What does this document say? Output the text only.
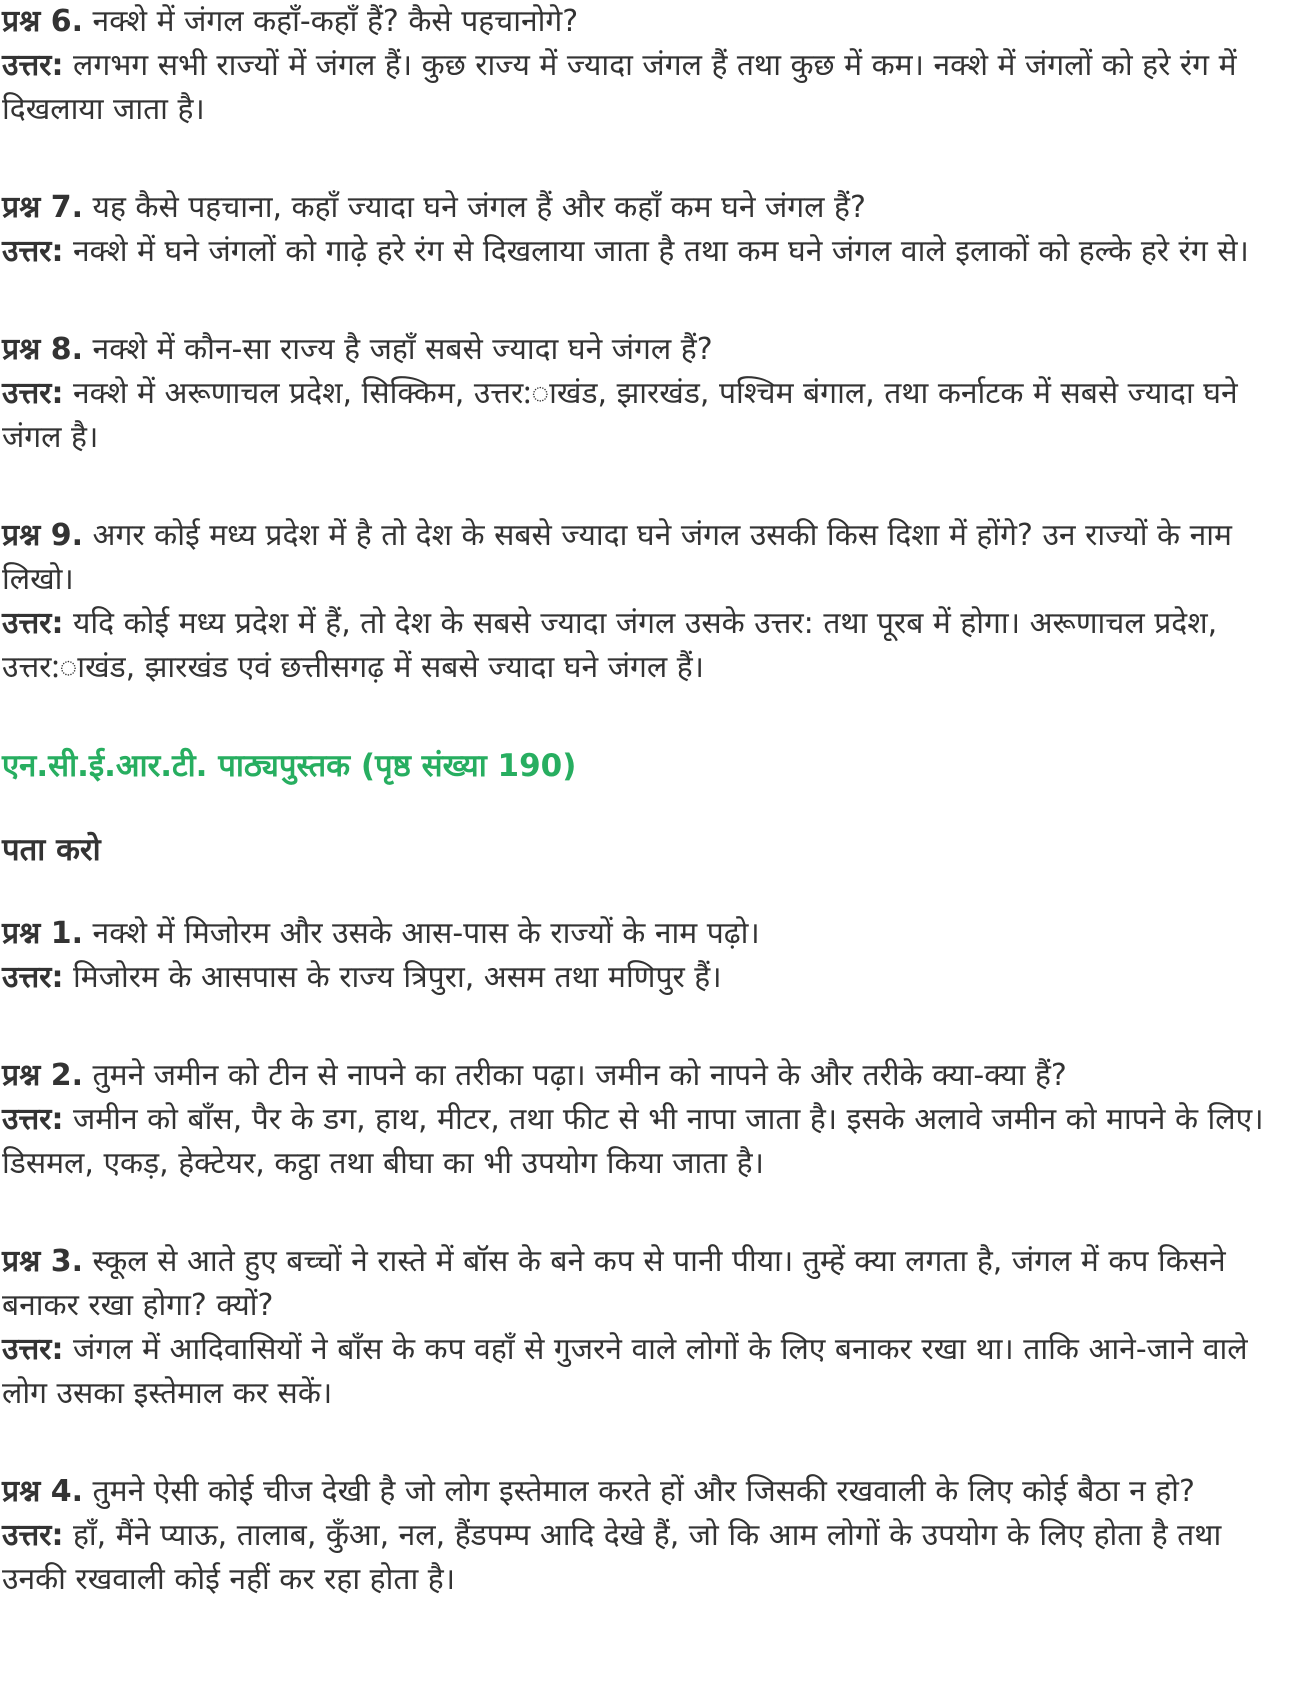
प्रश्न 6. नक्शे में जंगल कहाँ-कहाँ हैं? कैसे पहचानोगे?

उत्तर: लगभग सभी राज्यों में जंगल हैं। कुछ राज्य में ज्यादा जंगल हैं तथा कुछ में कम। नक्शे में जंगलों को हरे रंग में दिखलाया जाता है।

प्रश्न 7. यह कैसे पहचाना, कहाँ ज्यादा घने जंगल हैं और कहाँ कम घने जंगल हैं?

उत्तर: नक्शे में घने जंगलों को गाढ़े हरे रंग से दिखलाया जाता है तथा कम घने जंगल वाले इलाकों को हल्के हरे रंग से।

प्रश्न 8. नक्शे में कौन-सा राज्य है जहाँ सबसे ज्यादा घने जंगल हैं?

उत्तर: नक्शे में अरूणाचल प्रदेश, सिक्किम, उत्तर:ाखंड, झारखंड, पश्चिम बंगाल, तथा कर्नाटक में सबसे ज्यादा घने जंगल है।

प्रश्न 9. अगर कोई मध्य प्रदेश में है तो देश के सबसे ज्यादा घने जंगल उसकी किस दिशा में होंगे? उन राज्यों के नाम लिखो।

उत्तर: यदि कोई मध्य प्रदेश में हैं, तो देश के सबसे ज्यादा जंगल उसके उत्तर: तथा पूरब में होगा। अरूणाचल प्रदेश, उत्तर:ाखंड, झारखंड एवं छत्तीसगढ़ में सबसे ज्यादा घने जंगल हैं।

एन.सी.ई.आर.टी. पाठ्यपुस्तक (पृष्ठ संख्या 190)
पता करो

प्रश्न 1. नक्शे में मिजोरम और उसके आस-पास के राज्यों के नाम पढ़ो।

उत्तर: मिजोरम के आसपास के राज्य त्रिपुरा, असम तथा मणिपुर हैं।

प्रश्न 2. तुमने जमीन को टीन से नापने का तरीका पढ़ा। जमीन को नापने के और तरीके क्या-क्या हैं?

उत्तर: जमीन को बाँस, पैर के डग, हाथ, मीटर, तथा फीट से भी नापा जाता है। इसके अलावे जमीन को मापने के लिए। डिसमल, एकड़, हेक्टेयर, कट्ठा तथा बीघा का भी उपयोग किया जाता है।

प्रश्न 3. स्कूल से आते हुए बच्चों ने रास्ते में बॉस के बने कप से पानी पीया। तुम्हें क्या लगता है, जंगल में कप किसने बनाकर रखा होगा? क्यों?

उत्तर: जंगल में आदिवासियों ने बाँस के कप वहाँ से गुजरने वाले लोगों के लिए बनाकर रखा था। ताकि आने-जाने वाले लोग उसका इस्तेमाल कर सकें।

प्रश्न 4. तुमने ऐसी कोई चीज देखी है जो लोग इस्तेमाल करते हों और जिसकी रखवाली के लिए कोई बैठा न हो?

उत्तर: हाँ, मैंने प्याऊ, तालाब, कुँआ, नल, हैंडपम्प आदि देखे हैं, जो कि आम लोगों के उपयोग के लिए होता है तथा उनकी रखवाली कोई नहीं कर रहा होता है।
